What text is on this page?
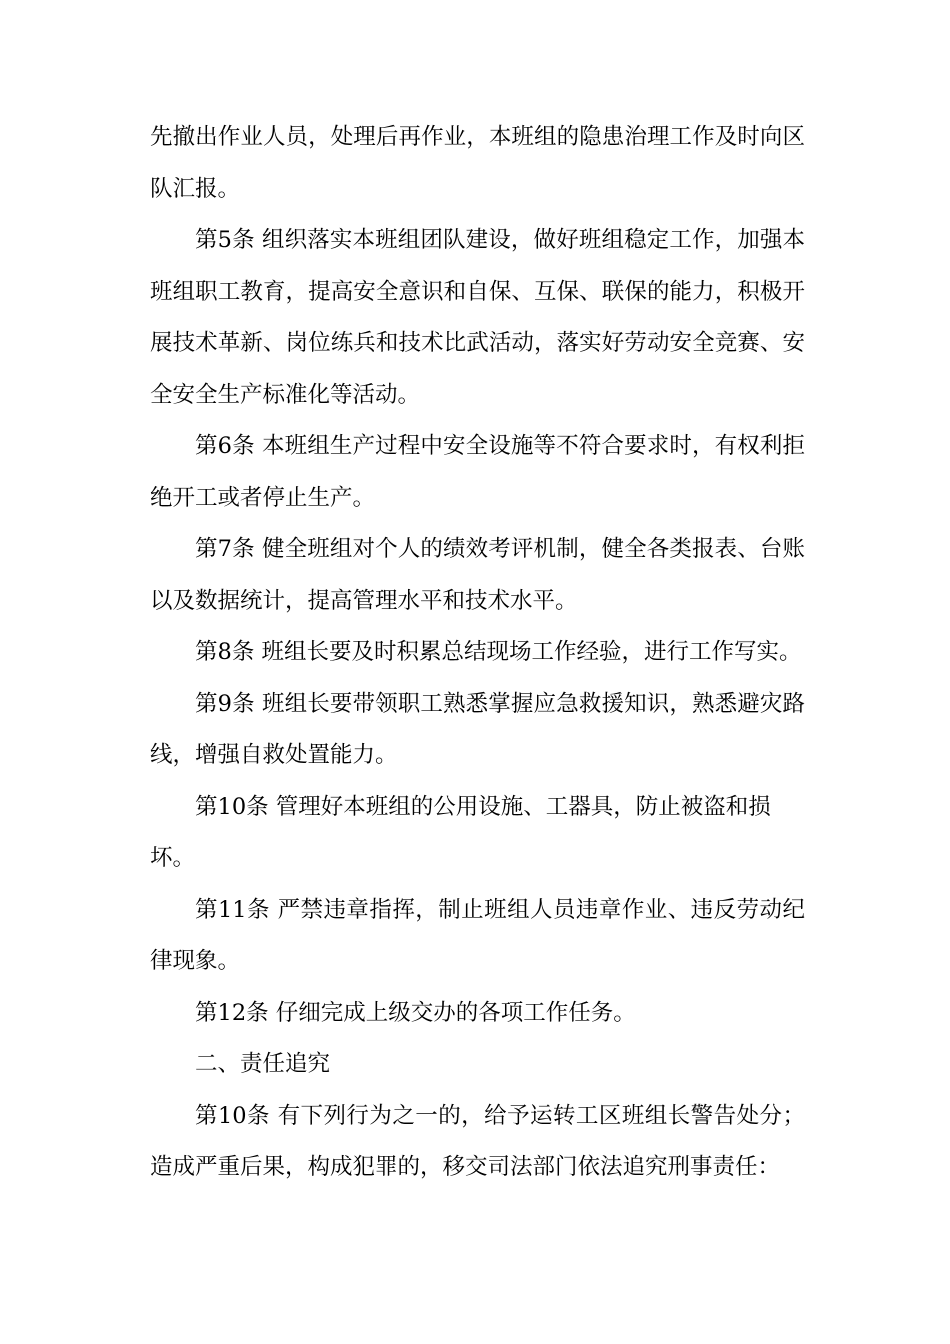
先撤出作业人员，处理后再作业，本班组的隐患治理工作及时向区队汇报。

第5条 组织落实本班组团队建设，做好班组稳定工作，加强本班组职工教育，提高安全意识和自保、互保、联保的能力，积极开展技术革新、岗位练兵和技术比武活动，落实好劳动安全竞赛、安全安全生产标准化等活动。

第6条 本班组生产过程中安全设施等不符合要求时，有权利拒绝开工或者停止生产。

第7条 健全班组对个人的绩效考评机制，健全各类报表、台账以及数据统计，提高管理水平和技术水平。

第8条 班组长要及时积累总结现场工作经验，进行工作写实。

第9条 班组长要带领职工熟悉掌握应急救援知识，熟悉避灾路线，增强自救处置能力。

第10条 管理好本班组的公用设施、工器具，防止被盗和损坏。

第11条 严禁违章指挥，制止班组人员违章作业、违反劳动纪律现象。

第12条 仔细完成上级交办的各项工作任务。

二、责任追究

第10条 有下列行为之一的，给予运转工区班组长警告处分；造成严重后果，构成犯罪的，移交司法部门依法追究刑事责任：
